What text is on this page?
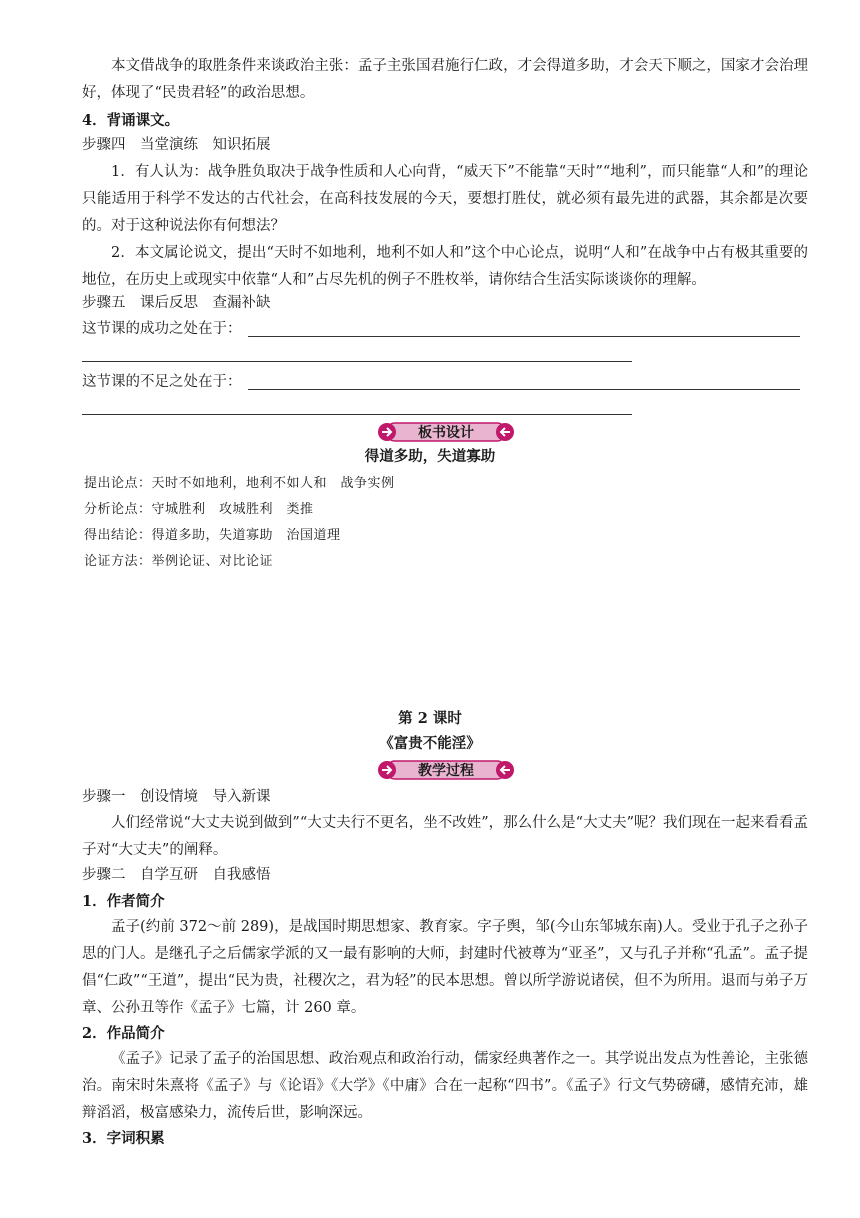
本文借战争的取胜条件来谈政治主张：孟子主张国君施行仁政，才会得道多助，才会天下顺之，国家才会治理好，体现了“民贵君轻”的政治思想。

4．背诵课文。

步骤四　当堂演练　知识拓展

1．有人认为：战争胜负取决于战争性质和人心向背，“威天下”不能靠“天时”“地利”，而只能靠“人和”的理论只能适用于科学不发达的古代社会，在高科技发展的今天，要想打胜仗，就必须有最先进的武器，其余都是次要的。对于这种说法你有何想法？

2．本文属论说文，提出“天时不如地利，地利不如人和”这个中心论点，说明“人和”在战争中占有极其重要的地位，在历史上或现实中依靠“人和”占尽先机的例子不胜枚举，请你结合生活实际谈谈你的理解。

步骤五　课后反思　查漏补缺

这节课的成功之处在于：
这节课的不足之处在于：
板书设计
得道多助，失道寡助
提出论点：天时不如地利，地利不如人和　战争实例
分析论点：守城胜利　攻城胜利　类推
得出结论：得道多助，失道寡助　治国道理
论证方法：举例论证、对比论证
第 2 课时
《富贵不能淫》
教学过程

步骤一　创设情境　导入新课

人们经常说“大丈夫说到做到”“大丈夫行不更名，坐不改姓”，那么什么是“大丈夫”呢？我们现在一起来看看孟子对“大丈夫”的阐释。

步骤二　自学互研　自我感悟

1．作者简介

孟子(约前 372～前 289)，是战国时期思想家、教育家。字子舆，邹(今山东邹城东南)人。受业于孔子之孙子思的门人。是继孔子之后儒家学派的又一最有影响的大师，封建时代被尊为“亚圣”，又与孔子并称“孔孟”。孟子提倡“仁政”“王道”，提出“民为贵，社稷次之，君为轻”的民本思想。曾以所学游说诸侯，但不为所用。退而与弟子万章、公孙丑等作《孟子》七篇，计 260 章。

2．作品简介

《孟子》记录了孟子的治国思想、政治观点和政治行动，儒家经典著作之一。其学说出发点为性善论，主张德治。南宋时朱熹将《孟子》与《论语》《大学》《中庸》合在一起称“四书”。《孟子》行文气势磅礴，感情充沛，雄辩滔滔，极富感染力，流传后世，影响深远。

3．字词积累
